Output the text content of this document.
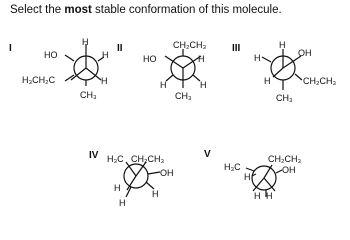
Select the most stable conformation of this molecule.
I
H
HO	H
H₃CH₂C	H
CH₃
II	CH₂CH₃
HO	H
H	H
CH₃
III	H
OH
H
H	CH₂CH₃
CH₃
IV H₃C CH₂CH₃
OH
H
H
H
V
H₃C
H
CH₂CH₃
OH
H H
